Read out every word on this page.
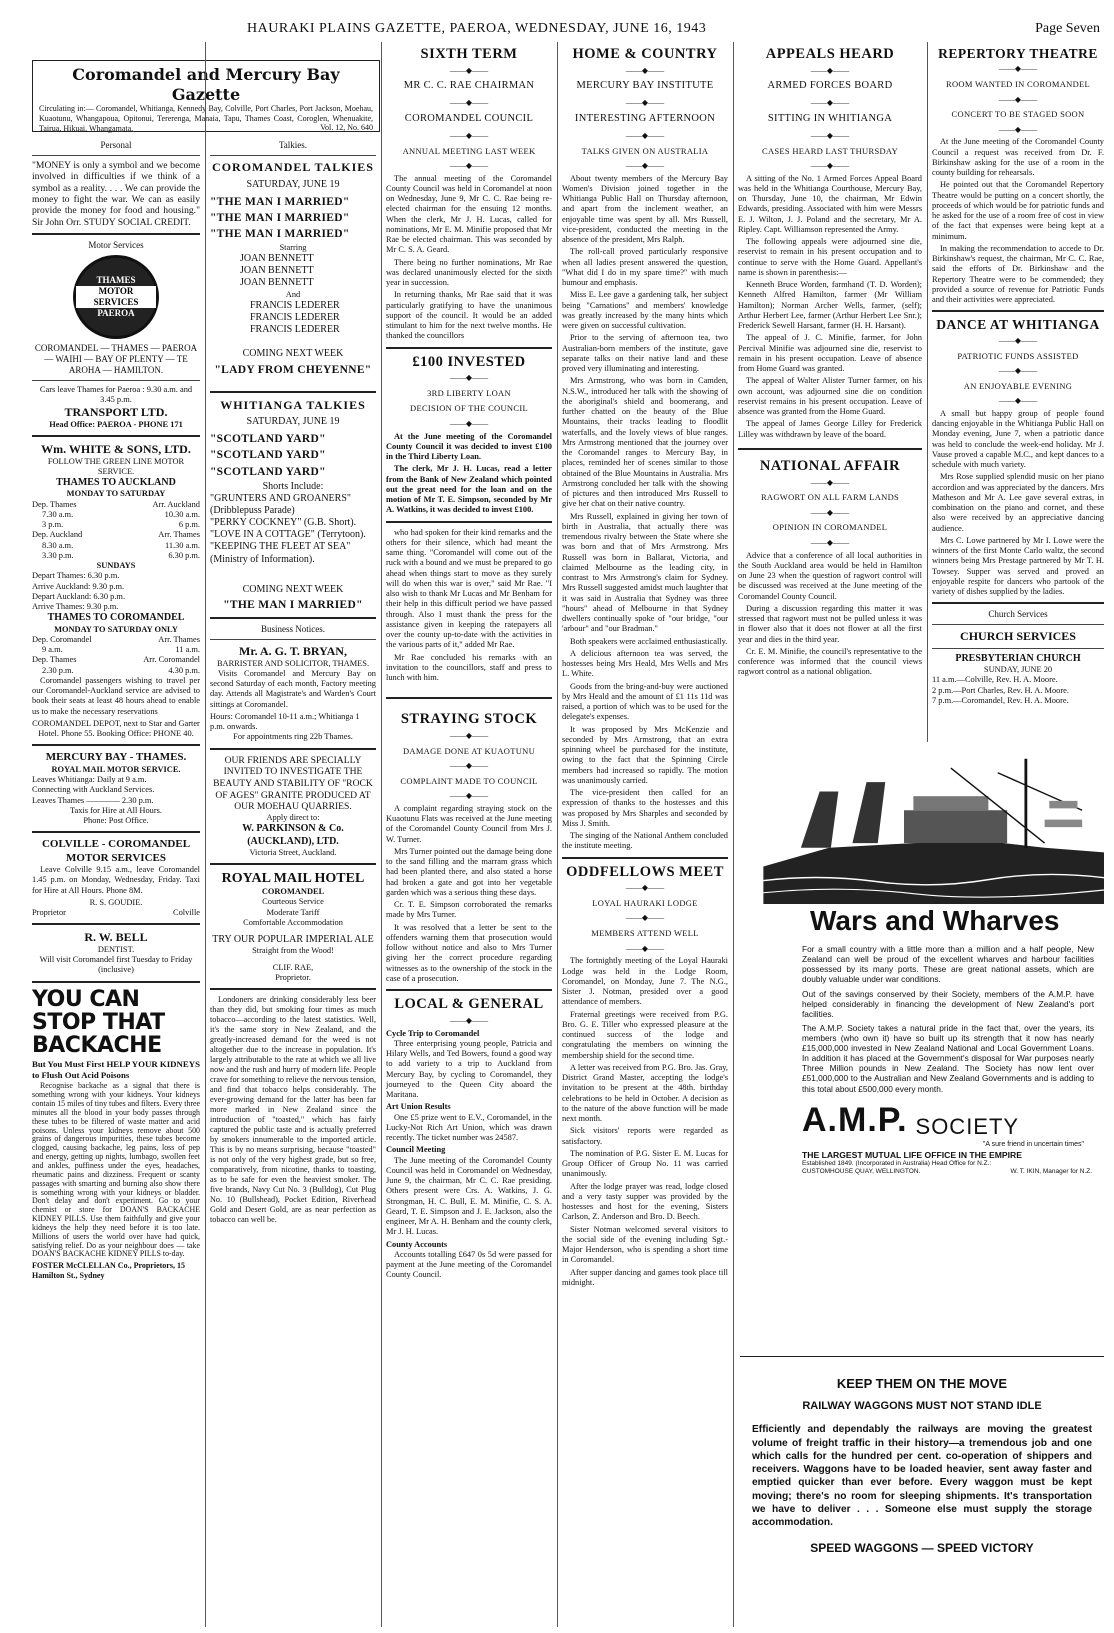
HAURAKI PLAINS GAZETTE, PAEROA, WEDNESDAY, JUNE 16, 1943	Page Seven
Coromandel and Mercury Bay Gazette
Circulating in:— Coromandel, Whitianga, Kennedy Bay, Colville, Port Charles, Port Jackson, Moehau, Kuaotunu, Whangapoua, Opitonui, Tererenga, Manaia, Tapu, Thames Coast, Coroglen, Whenuakite, Tairua, Hikuai, Whangamata.	Vol. 12, No. 640
Personal
"MONEY is only a symbol and we become involved in difficulties if we think of a symbol as a reality. . . . We can provide the money to fight the war. We can as easily provide the money for food and housing." Sir John Orr. STUDY SOCIAL CREDIT.
Motor Services
THAMES
MOTOR SERVICES
PAEROA
COROMANDEL — THAMES — PAEROA — WAIHI — BAY OF PLENTY — TE AROHA — HAMILTON.
Cars leave Thames for Paeroa : 9.30 a.m. and 3.45 p.m.
TRANSPORT LTD.
Head Office: PAEROA - PHONE 171
Wm. WHITE & SONS, LTD.
FOLLOW THE GREEN LINE MOTOR SERVICE.
THAMES TO AUCKLAND
MONDAY TO SATURDAY
Dep. Thames	Arr. Auckland
7.30 a.m.	10.30 a.m.
3 p.m.	6 p.m.
Dep. Auckland	Arr. Thames
8.30 a.m.	11.30 a.m.
3.30 p.m.	6.30 p.m.
SUNDAYS
Depart Thames: 6.30 p.m.
Arrive Auckland: 9.30 p.m.
Depart Auckland: 6.30 p.m.
Arrive Thames: 9.30 p.m.
THAMES TO COROMANDEL
MONDAY TO SATURDAY ONLY
Dep. Coromandel	Arr. Thames
9 a.m.	11 a.m.
Dep. Thames	Arr. Coromandel
2.30 p.m.	4.30 p.m.

Coromandel passengers wishing to travel per our Coromandel-Auckland service are advised to book their seats at least 48 hours ahead to enable us to make the necessary reservations

COROMANDEL DEPOT, next to Star and Garter Hotel. Phone 55. Booking Office: PHONE 40.
MERCURY BAY - THAMES.
ROYAL MAIL MOTOR SERVICE.
Leaves Whitianga: Daily at 9 a.m.
Connecting with Auckland Services.
Leaves Thames ———— 2.30 p.m.
Taxis for Hire at All Hours.
Phone: Post Office.
COLVILLE - COROMANDEL MOTOR SERVICES

Leave Colville 9.15 a.m., leave Coromandel 1.45 p.m. on Monday, Wednesday, Friday. Taxi for Hire at All Hours. Phone 8M.

R. S. GOUDIE.
Proprietor	Colville
R. W. BELL
DENTIST.
Will visit Coromandel first Tuesday to Friday (inclusive)
YOU CAN STOP THAT BACKACHE
But You Must First HELP YOUR KIDNEYS to Flush Out Acid Poisons

Recognise backache as a signal that there is something wrong with your kidneys. Your kidneys contain 15 miles of tiny tubes and filters. Every three minutes all the blood in your body passes through these tubes to be filtered of waste matter and acid poisons. Unless your kidneys remove about 500 grains of dangerous impurities, these tubes become clogged, causing backache, leg pains, loss of pep and energy, getting up nights, lumbago, swollen feet and ankles, puffiness under the eyes, headaches, rheumatic pains and dizziness. Frequent or scanty passages with smarting and burning also show there is something wrong with your kidneys or bladder. Don't delay and don't experiment. Go to your chemist or store for DOAN'S BACKACHE KIDNEY PILLS. Use them faithfully and give your kidneys the help they need before it is too late. Millions of users the world over have had quick, satisfying relief. Do as your neighbour does — take DOAN'S BACKACHE KIDNEY PILLS to-day.

FOSTER McCLELLAN Co., Proprietors, 15 Hamilton St., Sydney
Talkies.
COROMANDEL TALKIES
SATURDAY, JUNE 19
"THE MAN I MARRIED"
"THE MAN I MARRIED"
"THE MAN I MARRIED"
Starring
JOAN BENNETT
JOAN BENNETT
JOAN BENNETT
And
FRANCIS LEDERER
FRANCIS LEDERER
FRANCIS LEDERER
COMING NEXT WEEK
"LADY FROM CHEYENNE"
WHITIANGA TALKIES
SATURDAY, JUNE 19
"SCOTLAND YARD"
"SCOTLAND YARD"
"SCOTLAND YARD"
Shorts Include:
"GRUNTERS AND GROANERS" (Dribblepuss Parade)
"PERKY COCKNEY" (G.B. Short).
"LOVE IN A COTTAGE" (Terrytoon).
"KEEPING THE FLEET AT SEA" (Ministry of Information).
COMING NEXT WEEK
"THE MAN I MARRIED"
Business Notices.
Mr. A. G. T. BRYAN,
BARRISTER AND SOLICITOR, THAMES.

Visits Coromandel and Mercury Bay on second Saturday of each month, Factory meeting day. Attends all Magistrate's and Warden's Court sittings at Coromandel.

Hours: Coromandel 10-11 a.m.; Whitianga 1 p.m. onwards.
For appointments ring 22b Thames.
OUR FRIENDS ARE SPECIALLY INVITED TO INVESTIGATE THE BEAUTY AND STABILITY OF "ROCK OF AGES" GRANITE PRODUCED AT OUR MOEHAU QUARRIES.
Apply direct to:
W. PARKINSON & Co. (AUCKLAND), LTD.
Victoria Street, Auckland.
ROYAL MAIL HOTEL
COROMANDEL
Courteous Service
Moderate Tariff
Comfortable Accommodation
TRY OUR POPULAR IMPERIAL ALE
Straight from the Wood!
CLIF. RAE,
Proprietor.

Londoners are drinking considerably less beer than they did, but smoking four times as much tobacco—according to the latest statistics. Well, it's the same story in New Zealand, and the greatly-increased demand for the weed is not altogether due to the increase in population. It's largely attributable to the rate at which we all live now and the rush and hurry of modern life. People crave for something to relieve the nervous tension, and find that tobacco helps considerably. The ever-growing demand for the latter has been far more marked in New Zealand since the introduction of "toasted," which has fairly captured the public taste and is actually preferred by smokers innumerable to the imported article. This is by no means surprising, because "toasted" is not only of the very highest grade, but so free, comparatively, from nicotine, thanks to toasting, as to be safe for even the heaviest smoker. The five brands, Navy Cut No. 3 (Bulldog), Cut Plug No. 10 (Bullshead), Pocket Edition, Riverhead Gold and Desert Gold, are as near perfection as tobacco can well be.

SIXTH TERM
——◆——
MR C. C. RAE CHAIRMAN
——◆——
COROMANDEL COUNCIL
——◆——
ANNUAL MEETING LAST WEEK
——◆——

The annual meeting of the Coromandel County Council was held in Coromandel at noon on Wednesday, June 9, Mr C. C. Rae being re-elected chairman for the ensuing 12 months. When the clerk, Mr J. H. Lucas, called for nominations, Mr E. M. Minifie proposed that Mr Rae be elected chairman. This was seconded by Mr C. S. A. Geard.

There being no further nominations, Mr Rae was declared unanimously elected for the sixth year in succession.

In returning thanks, Mr Rae said that it was particularly gratifying to have the unanimous support of the council. It would be an added stimulant to him for the next twelve months. He thanked the councillors

£100 INVESTED
——◆——
3RD LIBERTY LOAN
DECISION OF THE COUNCIL
——◆——

At the June meeting of the Coromandel County Council it was decided to invest £100 in the Third Liberty Loan.

The clerk, Mr J. H. Lucas, read a letter from the Bank of New Zealand which pointed out the great need for the loan and on the motion of Mr T. E. Simpson, seconded by Mr A. Watkins, it was decided to invest £100.

who had spoken for their kind remarks and the others for their silence, which had meant the same thing. "Coromandel will come out of the ruck with a bound and we must be prepared to go ahead when things start to move as they surely will do when this war is over," said Mr Rae. "I also wish to thank Mr Lucas and Mr Benham for their help in this difficult period we have passed through. Also I must thank the press for the assistance given in keeping the ratepayers all over the county up-to-date with the activities in the various parts of it," added Mr Rae.

Mr Rae concluded his remarks with an invitation to the councillors, staff and press to lunch with him.

STRAYING STOCK
——◆——
DAMAGE DONE AT KUAOTUNU
——◆——
COMPLAINT MADE TO COUNCIL
——◆——

A complaint regarding straying stock on the Kuaotunu Flats was received at the June meeting of the Coromandel County Council from Mrs J. W. Turner.

Mrs Turner pointed out the damage being done to the sand filling and the marram grass which had been planted there, and also stated a horse had broken a gate and got into her vegetable garden which was a serious thing these days.

Cr. T. E. Simpson corroborated the remarks made by Mrs Turner.

It was resolved that a letter be sent to the offenders warning them that prosecution would follow without notice and also to Mrs Turner giving her the correct procedure regarding witnesses as to the ownership of the stock in the case of a prosecution.

LOCAL & GENERAL
——◆——
Cycle Trip to Coromandel

Three enterprising young people, Patricia and Hilary Wells, and Ted Bowers, found a good way to add variety to a trip to Auckland from Mercury Bay, by cycling to Coromandel, they journeyed to the Queen City aboard the Maritana.

Art Union Results

One £5 prize went to E.V., Coromandel, in the Lucky-Not Rich Art Union, which was drawn recently. The ticket number was 24587.

Council Meeting

The June meeting of the Coromandel County Council was held in Coromandel on Wednesday, June 9, the chairman, Mr C. C. Rae presiding. Others present were Crs. A. Watkins, J. G. Strongman, H. C. Bull, E. M. Minifie, C. S. A. Geard, T. E. Simpson and J. E. Jackson, also the engineer, Mr A. H. Benham and the county clerk, Mr J. H. Lucas.

County Accounts

Accounts totalling £647 0s 5d were passed for payment at the June meeting of the Coromandel County Council.

HOME & COUNTRY
——◆——
MERCURY BAY INSTITUTE
——◆——
INTERESTING AFTERNOON
——◆——
TALKS GIVEN ON AUSTRALIA
——◆——

About twenty members of the Mercury Bay Women's Division joined together in the Whitianga Public Hall on Thursday afternoon, and apart from the inclement weather, an enjoyable time was spent by all. Mrs Russell, vice-president, conducted the meeting in the absence of the president, Mrs Ralph.

The roll-call proved particularly responsive when all ladies present answered the question, "What did I do in my spare time?" with much humour and emphasis.

Miss E. Lee gave a gardening talk, her subject being "Carnations" and members' knowledge was greatly increased by the many hints which were given on successful cultivation.

Prior to the serving of afternoon tea, two Australian-born members of the institute, gave separate talks on their native land and these proved very illuminating and interesting.

Mrs Armstrong, who was born in Camden, N.S.W., introduced her talk with the showing of the aboriginal's shield and boomerang, and further chatted on the beauty of the Blue Mountains, their tracks leading to floodlit waterfalls, and the lovely views of blue ranges. Mrs Armstrong mentioned that the journey over the Coromandel ranges to Mercury Bay, in places, reminded her of scenes similar to those obtained of the Blue Mountains in Australia. Mrs Armstrong concluded her talk with the showing of pictures and then introduced Mrs Russell to give her chat on their native country.

Mrs Russell, explained in giving her town of birth in Australia, that actually there was tremendous rivalry between the State where she was born and that of Mrs Armstrong. Mrs Russell was born in Ballarat, Victoria, and claimed Melbourne as the leading city, in contrast to Mrs Armstrong's claim for Sydney. Mrs Russell suggested amidst much laughter that it was said in Australia that Sydney was three "hours" ahead of Melbourne in that Sydney dwellers continually spoke of "our bridge, "our 'arbour" and "our Bradman."

Both speakers were acclaimed enthusiastically.

A delicious afternoon tea was served, the hostesses being Mrs Heald, Mrs Wells and Mrs L. White.

Goods from the bring-and-buy were auctioned by Mrs Heald and the amount of £1 11s 11d was raised, a portion of which was to be used for the delegate's expenses.

It was proposed by Mrs McKenzie and seconded by Mrs Armstrong, that an extra spinning wheel be purchased for the institute, owing to the fact that the Spinning Circle members had increased so rapidly. The motion was unanimously carried.

The vice-president then called for an expression of thanks to the hostesses and this was proposed by Mrs Sharples and seconded by Miss J. Smith.

The singing of the National Anthem concluded the institute meeting.

ODDFELLOWS MEET
——◆——
LOYAL HAURAKI LODGE
——◆——
MEMBERS ATTEND WELL
——◆——

The fortnightly meeting of the Loyal Hauraki Lodge was held in the Lodge Room, Coromandel, on Monday, June 7. The N.G., Sister J. Notman, presided over a good attendance of members.

Fraternal greetings were received from P.G. Bro. G. E. Tiller who expressed pleasure at the continued success of the lodge and congratulating the members on winning the membership shield for the second time.

A letter was received from P.G. Bro. Jas. Gray, District Grand Master, accepting the lodge's invitation to be present at the 48th. birthday celebrations to be held in October. A decision as to the nature of the above function will be made next month.

Sick visitors' reports were regarded as satisfactory.

The nomination of P.G. Sister E. M. Lucas for Group Officer of Group No. 11 was carried unanimously.

After the lodge prayer was read, lodge closed and a very tasty supper was provided by the hostesses and host for the evening, Sisters Carlson, Z. Anderson and Bro. D. Beech.

Sister Notman welcomed several visitors to the social side of the evening including Sgt.-Major Henderson, who is spending a short time in Coromandel.

After supper dancing and games took place till midnight.

APPEALS HEARD
——◆——
ARMED FORCES BOARD
——◆——
SITTING IN WHITIANGA
——◆——
CASES HEARD LAST THURSDAY
——◆——

A sitting of the No. 1 Armed Forces Appeal Board was held in the Whitianga Courthouse, Mercury Bay, on Thursday, June 10, the chairman, Mr Edwin Edwards, presiding. Associated with him were Messrs E. J. Wilton, J. J. Poland and the secretary, Mr A. Ripley. Capt. Williamson represented the Army.

The following appeals were adjourned sine die, reservist to remain in his present occupation and to continue to serve with the Home Guard. Appellant's name is shown in parenthesis:—

Kenneth Bruce Worden, farmhand (T. D. Worden); Kenneth Alfred Hamilton, farmer (Mr William Hamilton); Norman Archer Wells, farmer, (self); Arthur Herbert Lee, farmer (Arthur Herbert Lee Snr.); Frederick Sewell Harsant, farmer (H. H. Harsant).

The appeal of J. C. Minifie, farmer, for John Percival Minifie was adjourned sine die, reservist to remain in his present occupation. Leave of absence from Home Guard was granted.

The appeal of Walter Alister Turner farmer, on his own account, was adjourned sine die on condition reservist remains in his present occupation. Leave of absence was granted from the Home Guard.

The appeal of James George Lilley for Frederick Lilley was withdrawn by leave of the board.

NATIONAL AFFAIR
——◆——
RAGWORT ON ALL FARM LANDS
——◆——
OPINION IN COROMANDEL
——◆——

Advice that a conference of all local authorities in the South Auckland area would be held in Hamilton on June 23 when the question of ragwort control will be discussed was received at the June meeting of the Coromandel County Council.

During a discussion regarding this matter it was stressed that ragwort must not be pulled unless it was in flower also that it does not flower at all the first year and dies in the third year.

Cr. E. M. Minifie, the council's representative to the conference was informed that the council views ragwort control as a national obligation.

REPERTORY THEATRE
——◆——
ROOM WANTED IN COROMANDEL
——◆——
CONCERT TO BE STAGED SOON
——◆——

At the June meeting of the Coromandel County Council a request was received from Dr. F. Birkinshaw asking for the use of a room in the county building for rehearsals.

He pointed out that the Coromandel Repertory Theatre would be putting on a concert shortly, the proceeds of which would be for patriotic funds and he asked for the use of a room free of cost in view of the fact that expenses were being kept at a minimum.

In making the recommendation to accede to Dr. Birkinshaw's request, the chairman, Mr C. C. Rae, said the efforts of Dr. Birkinshaw and the Repertory Theatre were to be commended; they provided a source of revenue for Patriotic Funds and their activities were appreciated.

DANCE AT WHITIANGA
——◆——
PATRIOTIC FUNDS ASSISTED
——◆——
AN ENJOYABLE EVENING
——◆——

A small but happy group of people found dancing enjoyable in the Whitianga Public Hall on Monday evening, June 7, when a patriotic dance was held to conclude the week-end holiday. Mr J. Vause proved a capable M.C., and kept dances to a schedule with much variety.

Mrs Rose supplied splendid music on her piano accordion and was appreciated by the dancers. Mrs Matheson and Mr A. Lee gave several extras, in combination on the piano and cornet, and these also were received by an appreciative dancing audience.

Mrs C. Lowe partnered by Mr I. Lowe were the winners of the first Monte Carlo waltz, the second winners being Mrs Prestage partnered by Mr T. H. Towsey. Supper was served and proved an enjoyable respite for dancers who partook of the variety of dishes supplied by the ladies.

Church Services
CHURCH SERVICES
PRESBYTERIAN CHURCH
SUNDAY, JUNE 20
11 a.m.—Colville, Rev. H. A. Moore.
2 p.m.—Port Charles, Rev. H. A. Moore.
7 p.m.—Coromandel, Rev. H. A. Moore.
Wars and Wharves

For a small country with a little more than a million and a half people, New Zealand can well be proud of the excellent wharves and harbour facilities possessed by its many ports. These are great national assets, which are doubly valuable under war conditions.

Out of the savings conserved by their Society, members of the A.M.P. have helped considerably in financing the development of New Zealand's port facilities.

The A.M.P. Society takes a natural pride in the fact that, over the years, its members (who own it) have so built up its strength that it now has nearly £15,000,000 invested in New Zealand National and Local Government Loans. In addition it has placed at the Government's disposal for War purposes nearly Three Million pounds in New Zealand. The Society has now lent over £51,000,000 to the Australian and New Zealand Governments and is adding to this total about £500,000 every month.

A.M.P. SOCIETY
"A sure friend in uncertain times"
THE LARGEST MUTUAL LIFE OFFICE IN THE EMPIRE
Established 1849. (Incorporated in Australia) Head Office for N.Z.:
CUSTOMHOUSE QUAY, WELLINGTON.	W. T. IKIN, Manager for N.Z.
KEEP THEM ON THE MOVE
RAILWAY WAGGONS MUST NOT STAND IDLE

Efficiently and dependably the railways are moving the greatest volume of freight traffic in their history—a tremendous job and one which calls for the hundred per cent. co-operation of shippers and receivers. Waggons have to be loaded heavier, sent away faster and emptied quicker than ever before. Every waggon must be kept moving; there's no room for sleeping shipments. It's transportation we have to deliver . . . Someone else must supply the storage accommodation.

SPEED WAGGONS — SPEED VICTORY
